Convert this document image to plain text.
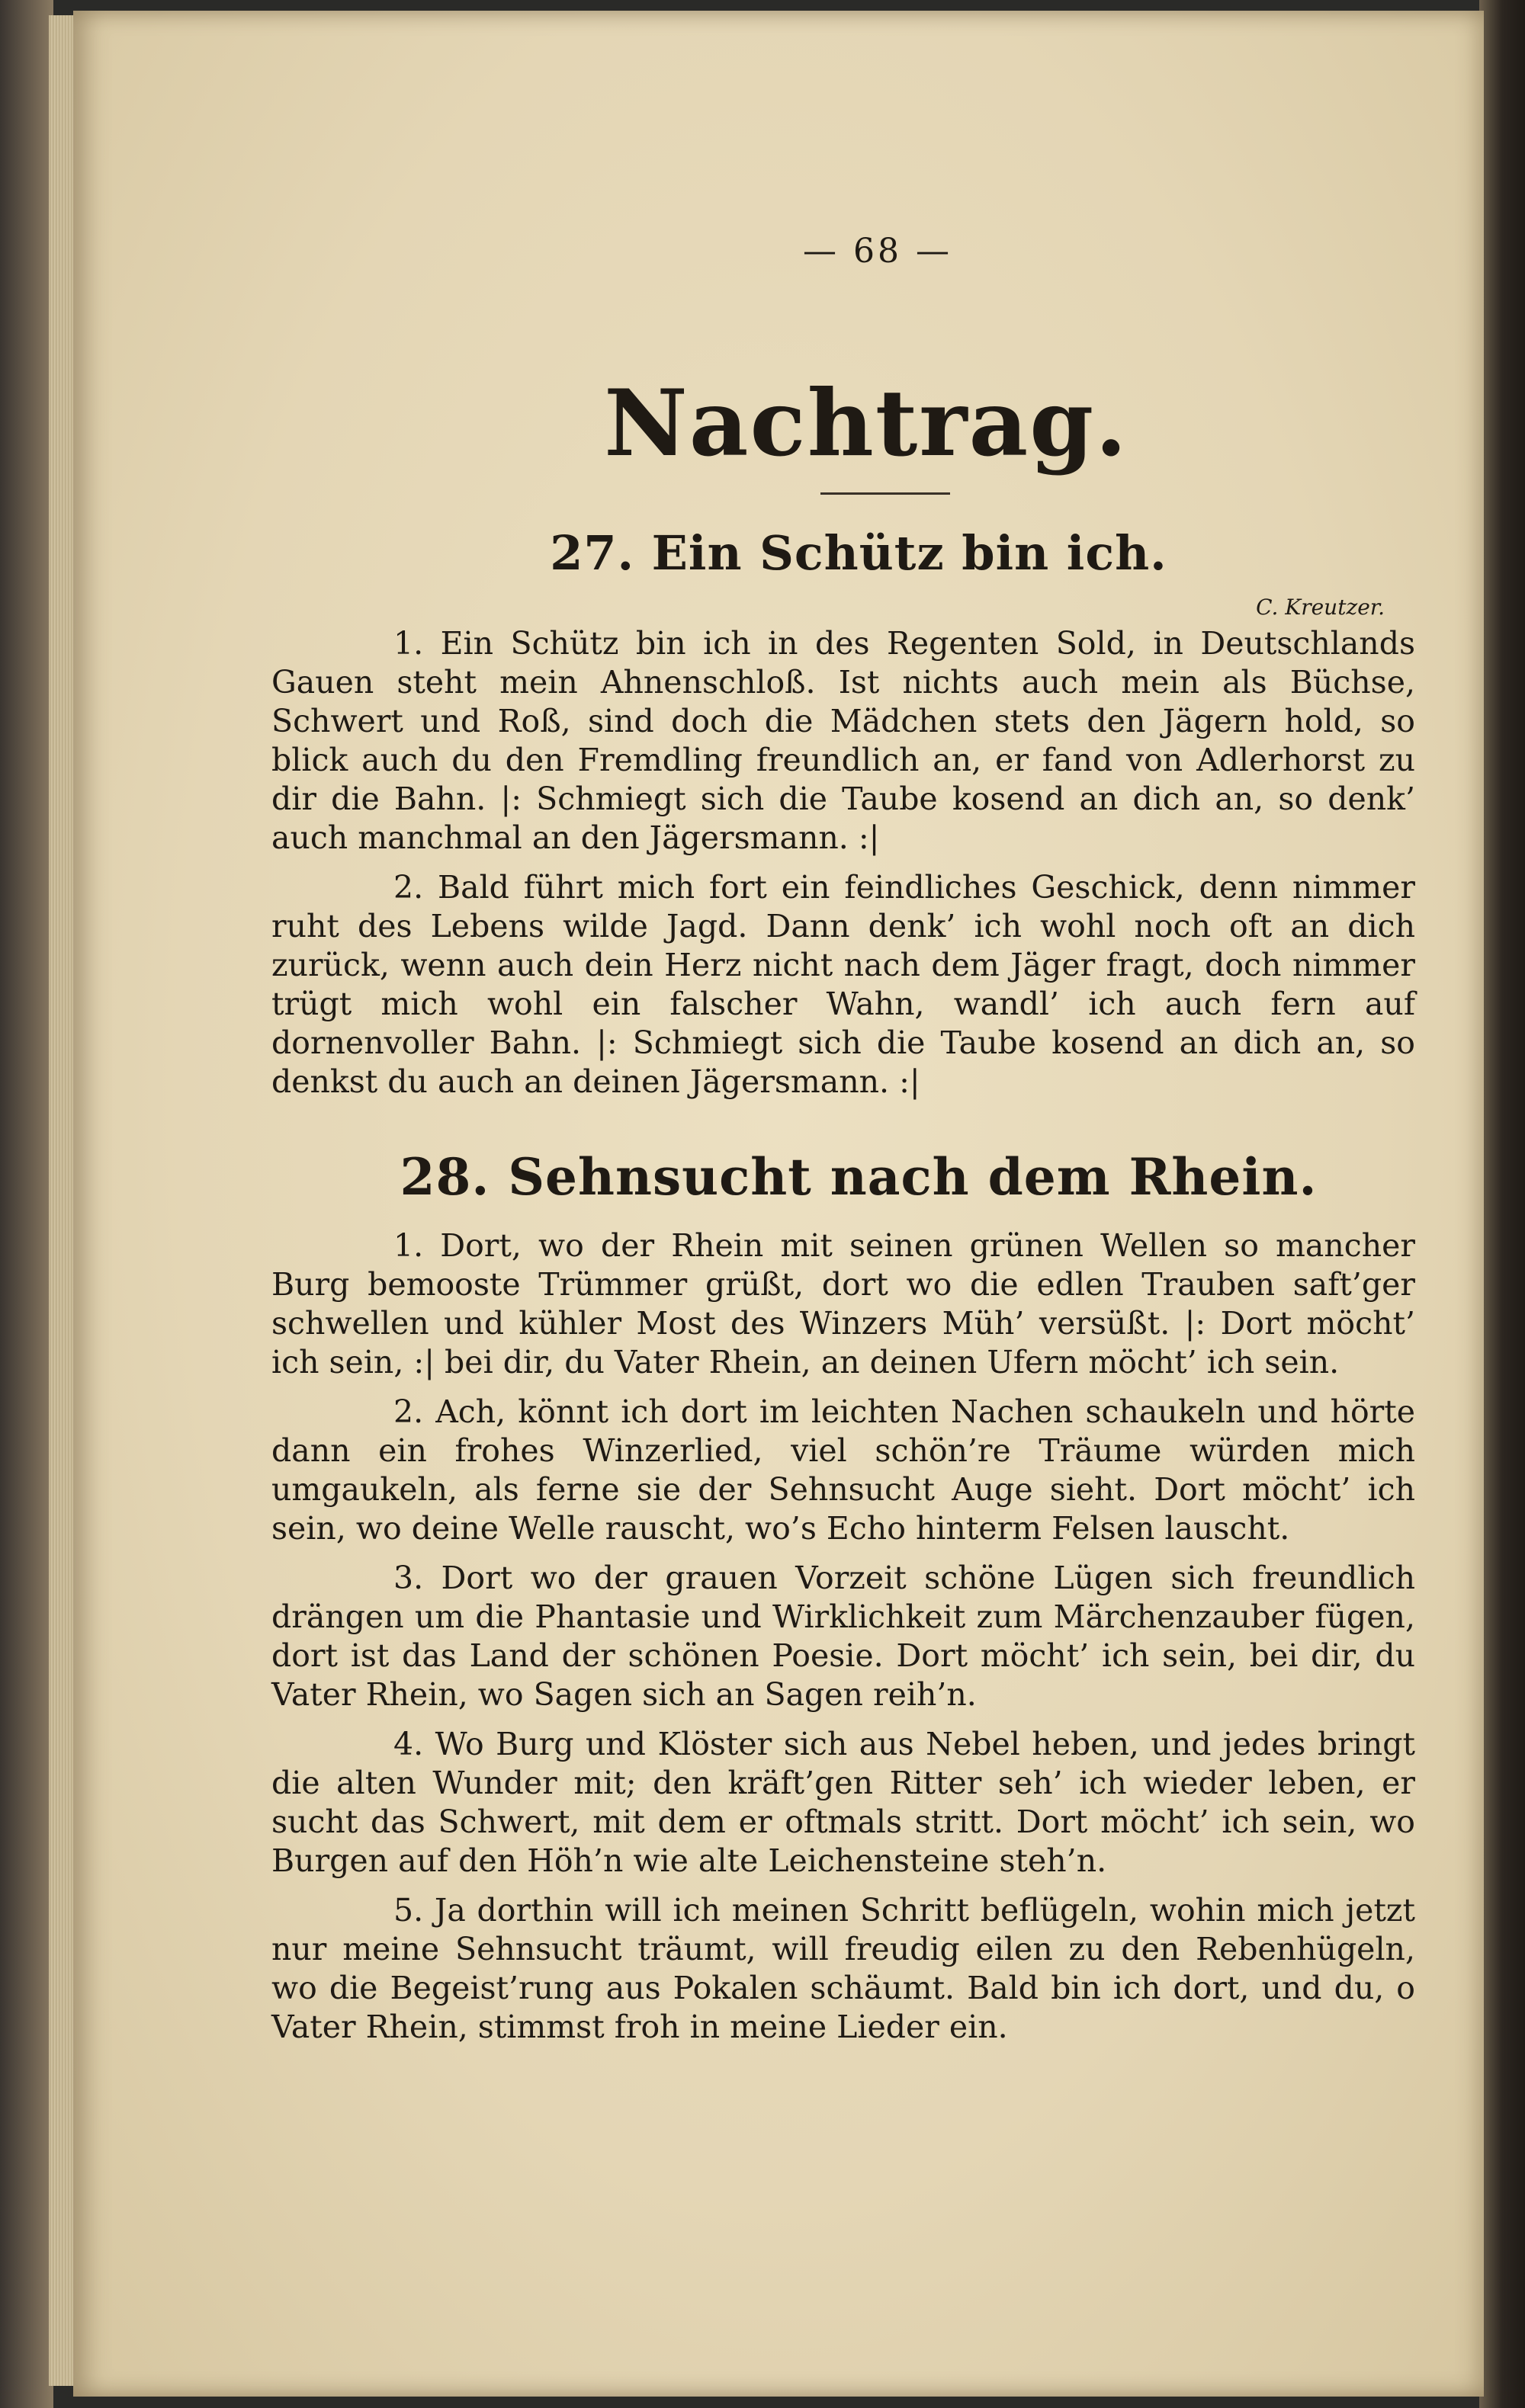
— 68 —
Nachtrag.
27. Ein Schütz bin ich.
C. Kreutzer.

1. Ein Schütz bin ich in des Regenten Sold, in Deutschlands Gauen steht mein Ahnenschloß. Ist nichts auch mein als Büchse, Schwert und Roß, sind doch die Mädchen stets den Jägern hold, so blick auch du den Fremdling freundlich an, er fand von Adlerhorst zu dir die Bahn. |: Schmiegt sich die Taube kosend an dich an, so denk’ auch manchmal an den Jägersmann. :|

2. Bald führt mich fort ein feindliches Geschick, denn nimmer ruht des Lebens wilde Jagd. Dann denk’ ich wohl noch oft an dich zurück, wenn auch dein Herz nicht nach dem Jäger fragt, doch nimmer trügt mich wohl ein falscher Wahn, wandl’ ich auch fern auf dornenvoller Bahn. |: Schmiegt sich die Taube kosend an dich an, so denkst du auch an deinen Jägersmann. :|

28. Sehnsucht nach dem Rhein.

1. Dort, wo der Rhein mit seinen grünen Wellen so mancher Burg bemooste Trümmer grüßt, dort wo die edlen Trauben saft’ger schwellen und kühler Most des Winzers Müh’ versüßt. |: Dort möcht’ ich sein, :| bei dir, du Vater Rhein, an deinen Ufern möcht’ ich sein.

2. Ach, könnt ich dort im leichten Nachen schaukeln und hörte dann ein frohes Winzerlied, viel schön’re Träume würden mich umgaukeln, als ferne sie der Sehnsucht Auge sieht. Dort möcht’ ich sein, wo deine Welle rauscht, wo’s Echo hinterm Felsen lauscht.

3. Dort wo der grauen Vorzeit schöne Lügen sich freundlich drängen um die Phantasie und Wirklichkeit zum Märchenzauber fügen, dort ist das Land der schönen Poesie. Dort möcht’ ich sein, bei dir, du Vater Rhein, wo Sagen sich an Sagen reih’n.

4. Wo Burg und Klöster sich aus Nebel heben, und jedes bringt die alten Wunder mit; den kräft’gen Ritter seh’ ich wieder leben, er sucht das Schwert, mit dem er oftmals stritt. Dort möcht’ ich sein, wo Burgen auf den Höh’n wie alte Leichensteine steh’n.

5. Ja dorthin will ich meinen Schritt beflügeln, wohin mich jetzt nur meine Sehnsucht träumt, will freudig eilen zu den Rebenhügeln, wo die Begeist’rung aus Pokalen schäumt. Bald bin ich dort, und du, o Vater Rhein, stimmst froh in meine Lieder ein.
